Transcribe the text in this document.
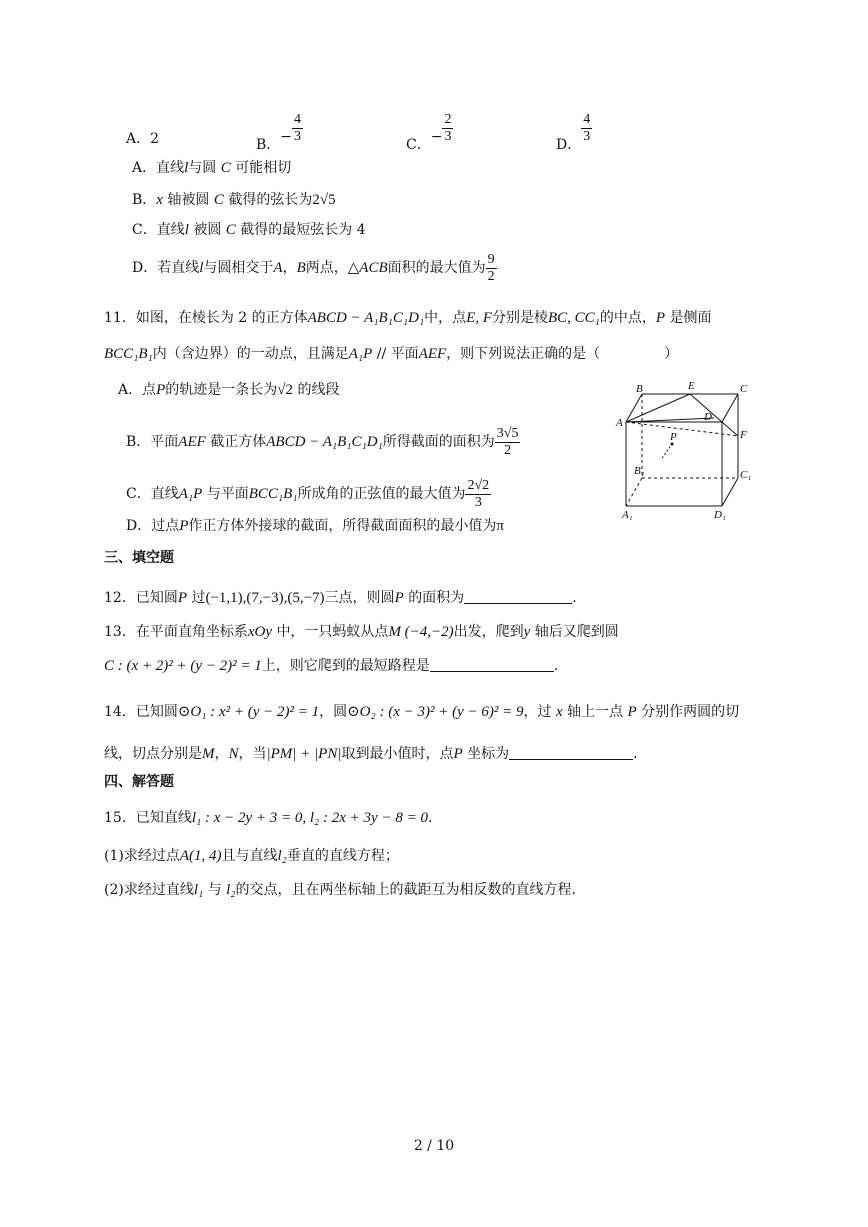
A．2	B．− $\frac{4}{3}$	C．− $\frac{2}{3}$	D． $\frac{4}{3}$
A．直线l与圆 C 可能相切
B．x 轴被圆 C 截得的弦长为2√5
C．直线l 被圆 C 截得的最短弦长为 4
D．若直线l与圆相交于A，B两点，△ACB面积的最大值为 $\frac{9}{2}$
11．如图，在棱长为 2 的正方体ABCD − A₁B₁C₁D₁中，点E, F分别是棱BC, CC₁的中点，P 是侧面
BCC₁B₁内（含边界）的一动点，且满足A₁P // 平面AEF，则下列说法正确的是（	）
A．点P的轨迹是一条长为√2 的线段
B．平面AEF 截正方体ABCD − A₁B₁C₁D₁所得截面的面积为 $\frac{3√5}{2}$
C．直线A₁P 与平面BCC₁B₁所成角的正弦值的最大值为 $\frac{2√2}{3}$
D．过点P作正方体外接球的截面，所得截面面积的最小值为π
B	E	C
A	D
F
P
B₁	C₁
A₁	D₁
三、填空题
12．已知圆P 过(−1,1),(7,−3),(5,−7)三点，则圆P 的面积为	.
13．在平面直角坐标系xOy 中，一只蚂蚁从点M (−4,−2)出发，爬到y 轴后又爬到圆
C : (x + 2)² + (y − 2)² = 1上，则它爬到的最短路程是	.
14．已知圆⊙O₁ : x² + (y − 2)² = 1，圆⊙O₂ : (x − 3)² + (y − 6)² = 9，过 x 轴上一点 P 分别作两圆的切
线，切点分别是M，N，当|PM| + |PN|取到最小值时，点P 坐标为	.
四、解答题
15．已知直线l₁ : x − 2y + 3 = 0, l₂ : 2x + 3y − 8 = 0.
(1)求经过点A(1, 4)且与直线l₂垂直的直线方程；
(2)求经过直线l₁ 与 l₂的交点，且在两坐标轴上的截距互为相反数的直线方程.
2 / 10
